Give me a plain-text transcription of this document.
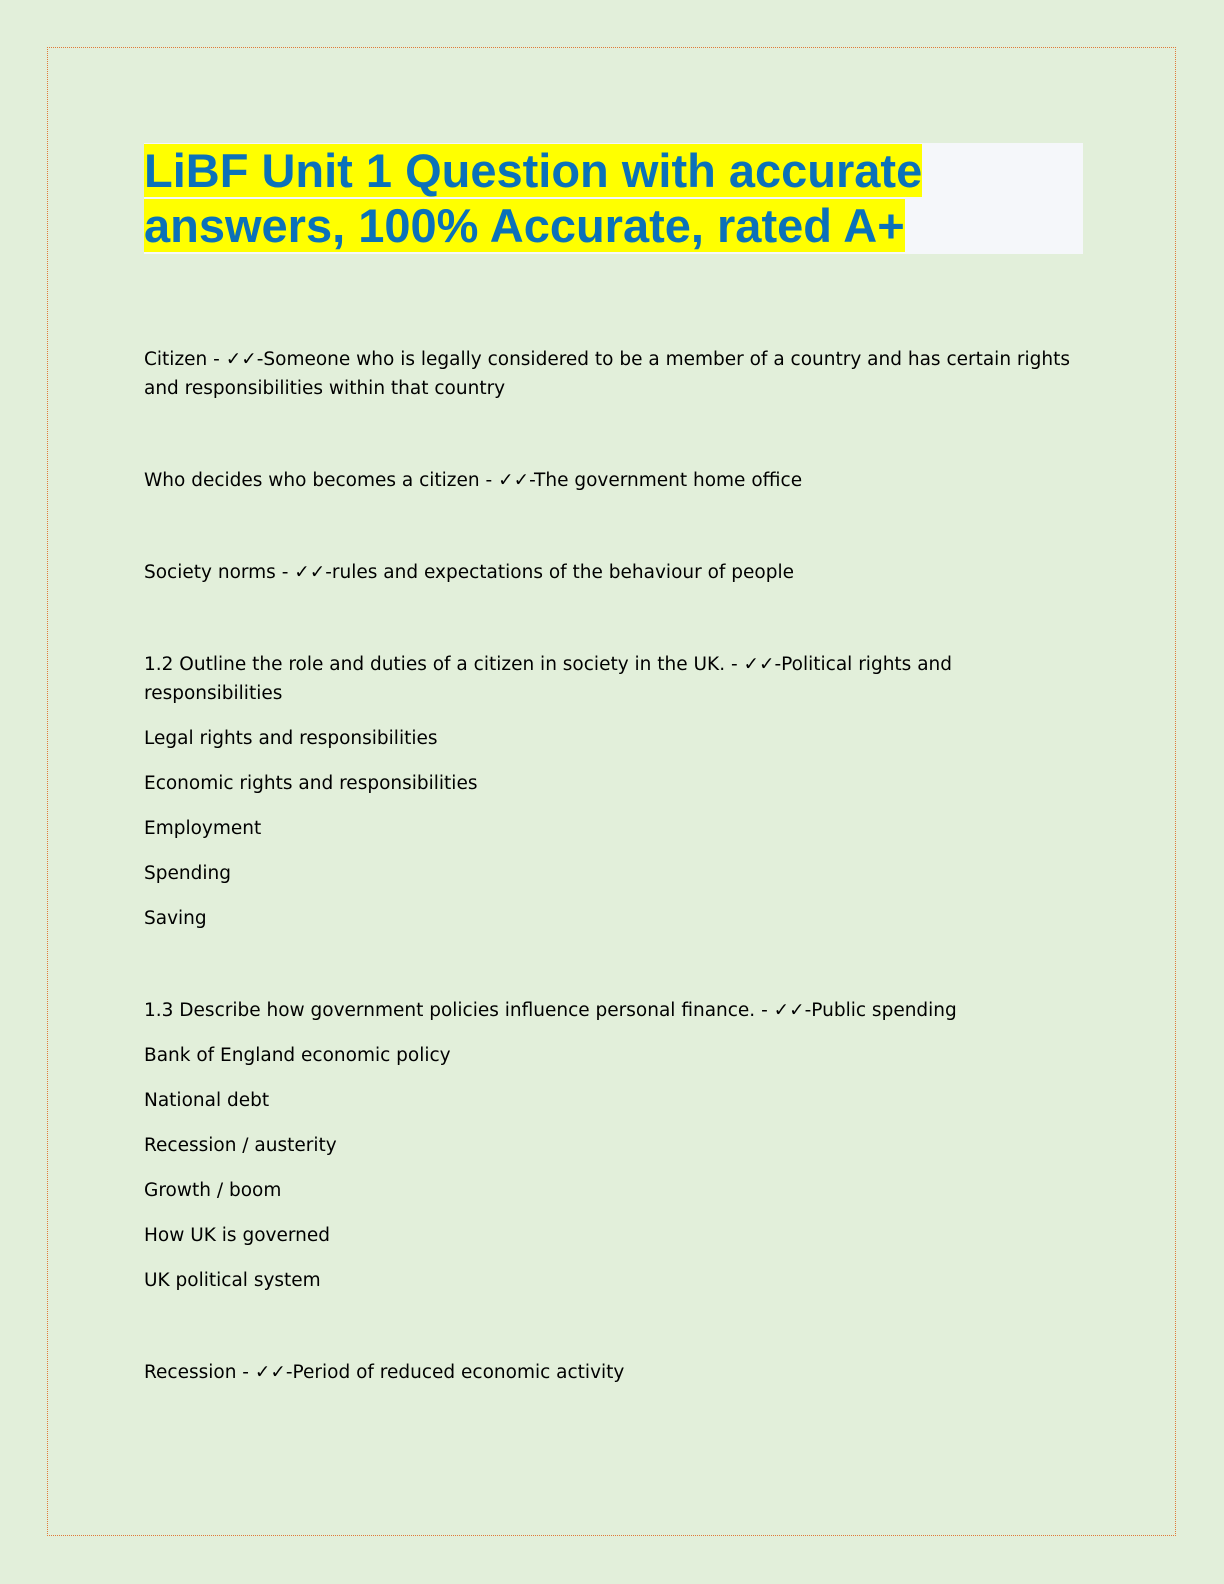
LiBF Unit 1 Question with accurate answers, 100% Accurate, rated A+

Citizen - ✓✓-Someone who is legally considered to be a member of a country and has certain rights and responsibilities within that country

Who decides who becomes a citizen - ✓✓-The government home office

Society norms - ✓✓-rules and expectations of the behaviour of people

1.2 Outline the role and duties of a citizen in society in the UK. - ✓✓-Political rights and responsibilities

Legal rights and responsibilities

Economic rights and responsibilities

Employment

Spending

Saving

1.3 Describe how government policies influence personal finance. - ✓✓-Public spending

Bank of England economic policy

National debt

Recession / austerity

Growth / boom

How UK is governed

UK political system

Recession - ✓✓-Period of reduced economic activity
